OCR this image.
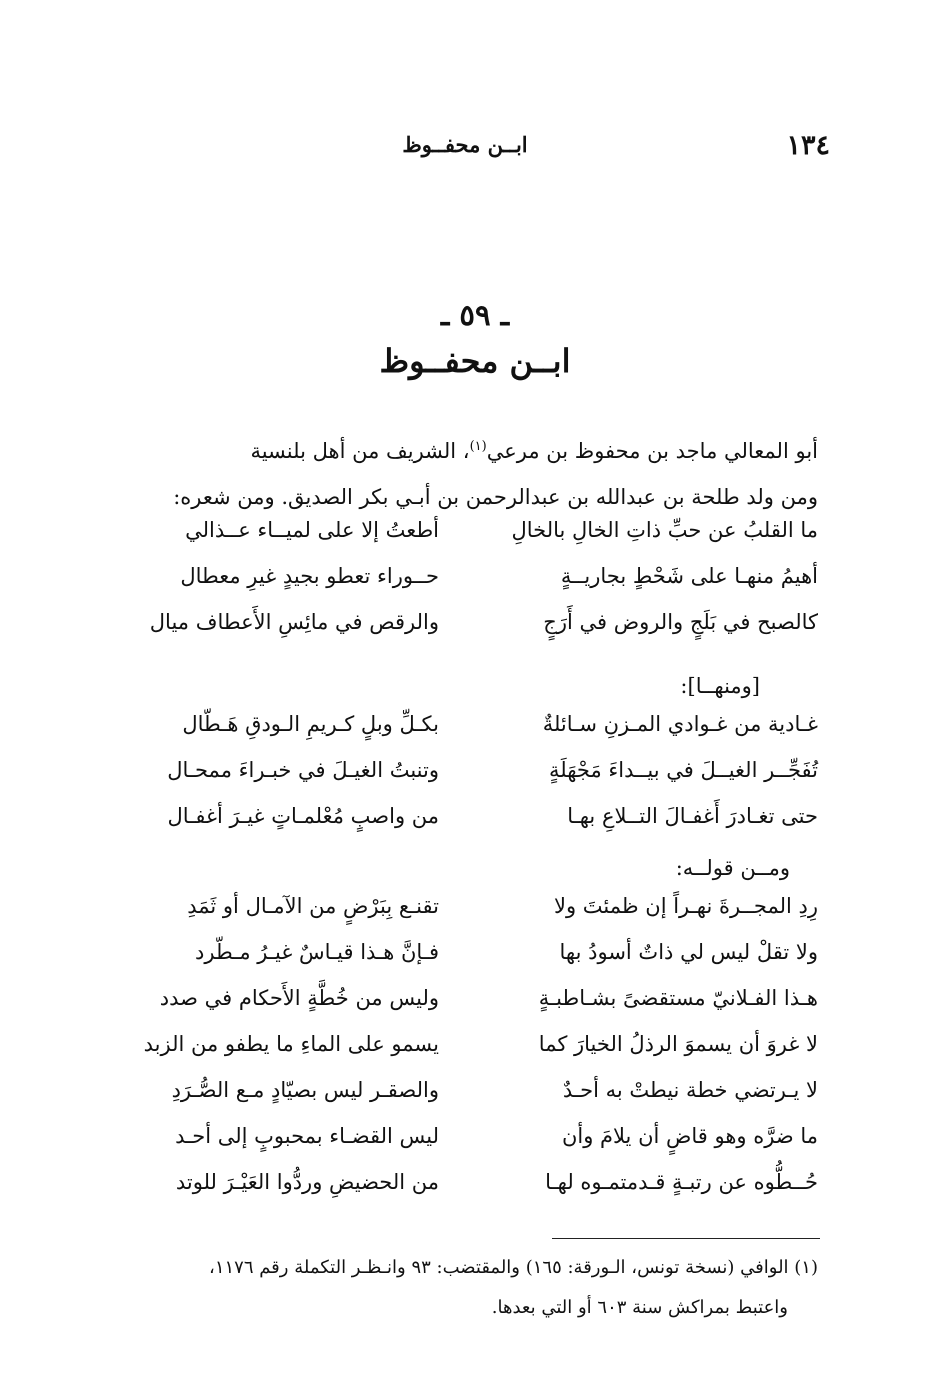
١٣٤
ابــن محفــوظ
ـ ٥٩ ـ
ابــن محفــوظ

أبو المعالي ماجد بن محفوظ بن مرعي$^{(١)}$، الشريف من أهل بلنسية

ومن ولد طلحة بن عبدالله بن عبدالرحمن بن أبـي بكر الصديق. ومن شعره:

ما القلبُ عن حبِّ ذاتِ الخالِ بالخالِ
أطعتُ إلا على لميــاء عــذالي
أهيمُ منهـا على شَحْطٍ بجاريــةٍ
حــوراء تعطو بجيدٍ غيرِ معطال
كالصبح في بَلَجٍ والروض في أَرَجٍ
والرقص في مائِسِ الأَعطاف ميال
[ومنهــا]:
غـادية من غـوادي المـزنِ سـائلةٌ
بكـلِّ وبلٍ كـريمِ الـودقِ هَـطّال
تُفَجِّــر الغيــلَ في بيــداءَ مَجْهَلَةٍ
وتنبتُ الغيـلَ في خبـراءَ ممحـال
حتى تغـادرَ أَغفـالَ التــلاعِ بهـا
من واصبٍ مُعْلمـاتٍ غيـرَ أغفـال
ومــن قولــه:
رِدِ المجــرةَ نهـراً إن ظمئتَ ولا
تقنـع بِبَرْضٍ من الآمـال أو ثَمَدِ
ولا تقلْ ليس لي ذاتٌ أسودُ بها
فـإنَّ هـذا قيـاسٌ غيـرُ مـطّرد
هـذا الفـلانيّ مستقضىً بشـاطبـةٍ
وليس من خُطَّةٍ الأَحكام في صدد
لا غروَ أن يسموَ الرذلُ الخيارَ كما
يسمو على الماءِ ما يطفو من الزبد
لا يـرتضي خطة نيطتْ به أحـدٌ
والصقـر ليس بصيّادٍ مـع الصُّـرَدِ
ما ضرَّه وهو قاضٍ أن يلامَ وأن
ليس القضـاء بمحبوبٍ إلى أحـد
حُــطُّوه عن رتبـةٍ قـدمتمـوه لهـا
من الحضيضِ وردُّوا العَيْـرَ للوتد
(١) الوافي (نسخة تونس، الـورقة: ١٦٥) والمقتضب: ٩٣ وانـظـر التكملة رقم ١١٧٦،
واعتبط بمراكش سنة ٦٠٣ أو التي بعدها.
